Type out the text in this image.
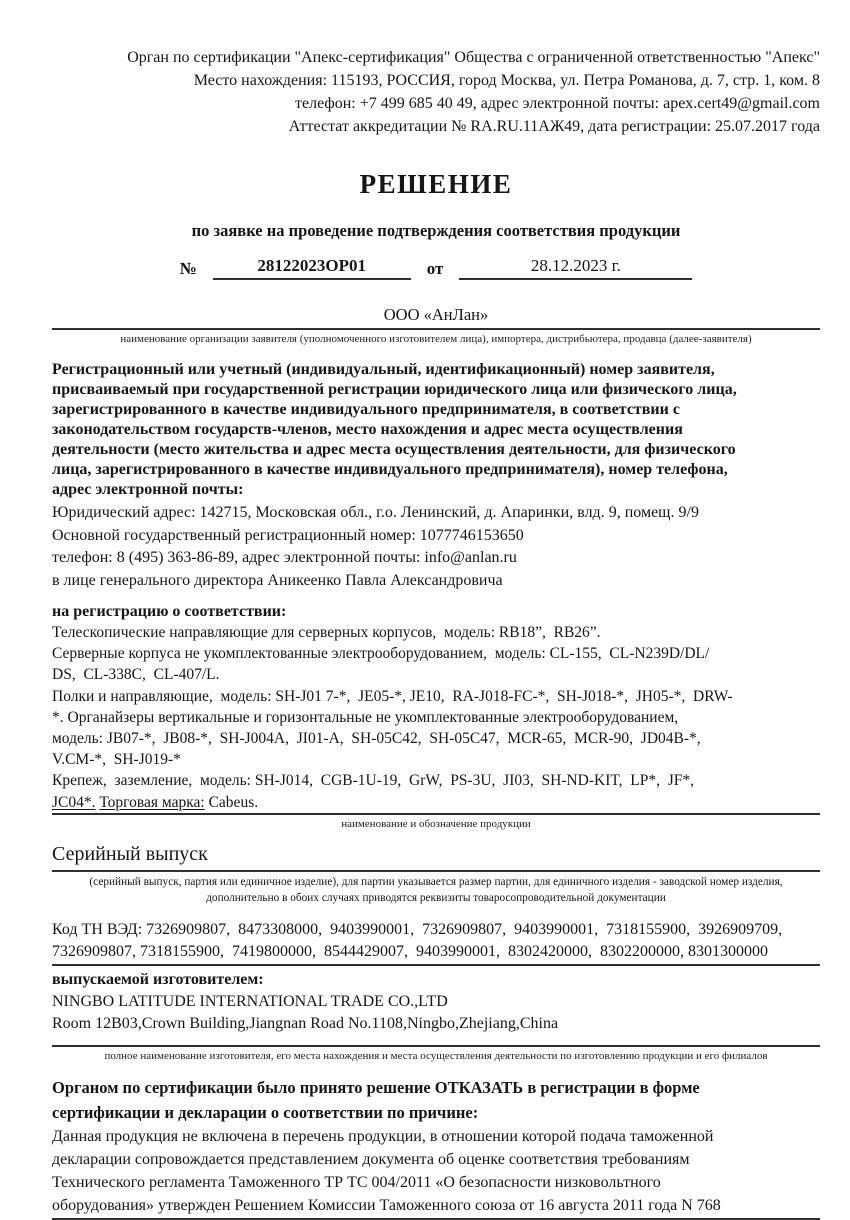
Орган по сертификации "Апекс-сертификация" Общества с ограниченной ответственностью "Апекс"
Место нахождения: 115193, РОССИЯ, город Москва, ул. Петра Романова, д. 7, стр. 1, ком. 8
телефон: +7 499 685 40 49, адрес электронной почты: apex.cert49@gmail.com
Аттестат аккредитации № RA.RU.11АЖ49, дата регистрации: 25.07.2017 года
РЕШЕНИЕ
по заявке на проведение подтверждения соответствия продукции
№	28122023ОР01	от	28.12.2023 г.
ООО «АнЛан»
наименование организации заявителя (уполномоченного изготовителем лица), импортера, дистрибьютера, продавца (далее-заявителя)
Регистрационный или учетный (индивидуальный, идентификационный) номер заявителя,
присваиваемый при государственной регистрации юридического лица или физического лица,
зарегистрированного в качестве индивидуального предпринимателя, в соответствии с
законодательством государств-членов, место нахождения и адрес места осуществления
деятельности (место жительства и адрес места осуществления деятельности, для физического
лица, зарегистрированного в качестве индивидуального предпринимателя), номер телефона,
адрес электронной почты:
Юридический адрес: 142715, Московская обл., г.о. Ленинский, д. Апаринки, влд. 9, помещ. 9/9
Основной государственный регистрационный номер: 1077746153650
телефон: 8 (495) 363-86-89, адрес электронной почты: info@anlan.ru
в лице генерального директора Аникеенко Павла Александровича
на регистрацию о соответствии:
Телескопические направляющие для серверных корпусов,  модель: RB18”,  RB26”.
Серверные корпуса не укомплектованные электрооборудованием,  модель: CL-155,  CL-N239D/DL/
DS,  CL-338C,  CL-407/L.
Полки и направляющие,  модель: SH-J01 7-*,  JE05-*, JE10,  RA-J018-FC-*,  SH-J018-*,  JH05-*,  DRW-
*. Органайзеры вертикальные и горизонтальные не укомплектованные электрооборудованием,
модель: JB07-*,  JB08-*,  SH-J004A,  JI01-A,  SH-05C42,  SH-05C47,  MCR-65,  MCR-90,  JD04B-*,
V.CM-*,  SH-J019-*
Крепеж,  заземление,  модель: SH-J014,  CGB-1U-19,  GrW,  PS-3U,  JI03,  SH-ND-KIT,  LP*,  JF*,
JC04*. Торговая марка: Cabeus.
наименование и обозначение продукции
Серийный выпуск
(серийный выпуск, партия или единичное изделие), для партии указывается размер партии, для единичного изделия - заводской номер изделия,
дополнительно в обоих случаях приводятся реквизиты товаросопроводительной документации
Код ТН ВЭД: 7326909807,  8473308000,  9403990001,  7326909807,  9403990001,  7318155900,  3926909709,
7326909807, 7318155900,  7419800000,  8544429007,  9403990001,  8302420000,  8302200000, 8301300000
выпускаемой изготовителем:
NINGBO LATITUDE INTERNATIONAL TRADE CO.,LTD
Room 12B03,Crown Building,Jiangnan Road No.1108,Ningbo,Zhejiang,China
полное наименование изготовителя, его места нахождения и места осуществления деятельности по изготовлению продукции и его филиалов
Органом по сертификации было принято решение ОТКАЗАТЬ в регистрации в форме
сертификации и декларации о соответствии по причине:
Данная продукция не включена в перечень продукции, в отношении которой подача таможенной
декларации сопровождается представлением документа об оценке соответствия требованиям
Технического регламента Таможенного ТР ТС 004/2011 «О безопасности низковольтного
оборудования» утвержден Решением Комиссии Таможенного союза от 16 августа 2011 года N 768
